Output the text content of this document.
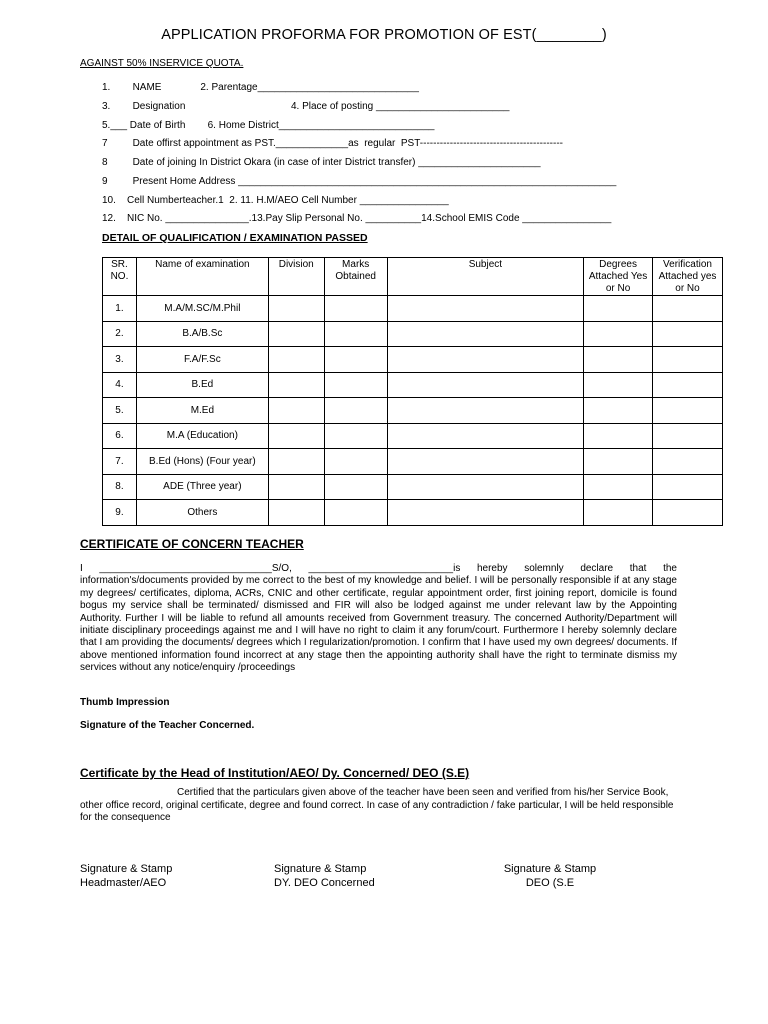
APPLICATION PROFORMA FOR PROMOTION OF EST(________)
AGAINST 50% INSERVICE QUOTA.
1.        NAME              2. Parentage_____________________________
3.        Designation                                      4. Place of posting ________________________
5.___ Date of Birth        6. Home District____________________________
7         Date offirst appointment as PST._____________as  regular  PST-------------------------------------------
8         Date of joining In District Okara (in case of inter District transfer) ______________________
9         Present Home Address ____________________________________________________________________
10.    Cell Numberteacher.1  2. 11. H.M/AEO Cell Number ________________
12.    NIC No. _______________.13.Pay Slip Personal No. __________14.School EMIS Code ________________
DETAIL OF QUALIFICATION / EXAMINATION PASSED
SR. NO.	Name of examination	Division	Marks Obtained	Subject	Degrees Attached Yes or No	Verification Attached yes or No
1.	M.A/M.SC/M.Phil					
2.	B.A/B.Sc					
3.	F.A/F.Sc					
4.	B.Ed					
5.	M.Ed					
6.	M.A (Education)					
7.	B.Ed (Hons) (Four year)					
8.	ADE (Three year)					
9.	Others					
CERTIFICATE OF CONCERN TEACHER
I _______________________________S/O, __________________________is hereby solemnly declare that the information's/documents provided by me correct to the best of my knowledge and belief. I will be personally responsible if at any stage my degrees/ certificates, diploma, ACRs, CNIC and other certificate, regular appointment order, first joining report, domicile is found bogus my service shall be terminated/ dismissed and FIR will also be lodged against me under relevant law by the Appointing Authority. Further I will be liable to refund all amounts received from Government treasury. The concerned Authority/Department will initiate disciplinary proceedings against me and I will have no right to claim it any forum/court. Furthermore I hereby solemnly declare that I am providing the documents/ degrees which I regularization/promotion. I confirm that I have used my own degrees/ documents. If above mentioned information found incorrect at any stage then the appointing authority shall have the right to terminate dismiss my services without any notice/enquiry /proceedings
Thumb Impression
Signature of the Teacher Concerned.
Certificate by the Head of Institution/AEO/ Dy. Concerned/ DEO (S.E)
Certified that the particulars given above of the teacher have been seen and verified from his/her Service Book, other office record, original certificate, degree and found correct. In case of any contradiction / fake particular, I will be held responsible for the consequence
Signature & Stamp
Headmaster/AEO
Signature & Stamp
DY. DEO Concerned
Signature & Stamp
DEO (S.E
